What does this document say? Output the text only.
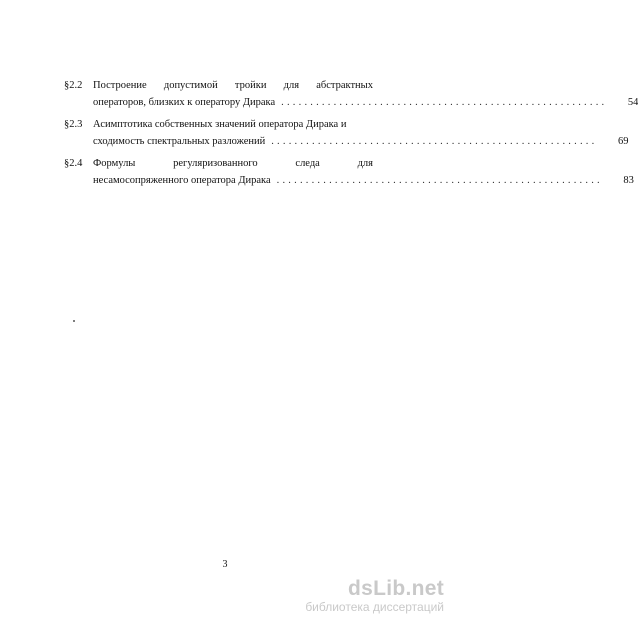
§2.2 Построение допустимой тройки для абстрактных
операторов, близких к оператору Дирака ........................................................	54
§2.3 Асимптотика собственных значений оператора Дирака и
сходимость спектральных разложений ........................................................	69
§2.4 Формулы регуляризованного следа для
несамосопряженного оператора Дирака ........................................................	83
3
dsLib.net
библиотека диссертаций
